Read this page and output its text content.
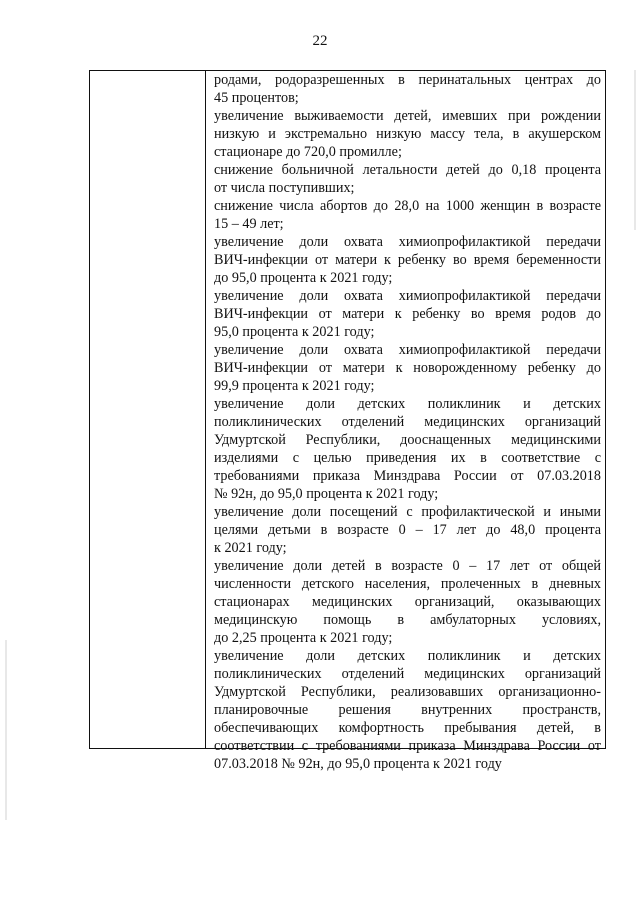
22
родами, родоразрешенных в перинатальных центрах до
45 процентов;
увеличение выживаемости детей, имевших при рождении
низкую и экстремально низкую массу тела, в акушерском
стационаре до 720,0 промилле;
снижение больничной летальности детей до 0,18 процента
от числа поступивших;
снижение числа абортов до 28,0 на 1000 женщин в возрасте
15 – 49 лет;
увеличение доли охвата химиопрофилактикой передачи
ВИЧ-инфекции от матери к ребенку во время беременности
до 95,0 процента к 2021 году;
увеличение доли охвата химиопрофилактикой передачи
ВИЧ-инфекции от матери к ребенку во время родов до
95,0 процента к 2021 году;
увеличение доли охвата химиопрофилактикой передачи
ВИЧ-инфекции от матери к новорожденному ребенку до
99,9 процента к 2021 году;
увеличение доли детских поликлиник и детских
поликлинических отделений медицинских организаций
Удмуртской Республики, дооснащенных медицинскими
изделиями с целью приведения их в соответствие с
требованиями приказа Минздрава России от 07.03.2018
№ 92н, до 95,0 процента к 2021 году;
увеличение доли посещений с профилактической и иными
целями детьми в возрасте 0 – 17 лет до 48,0 процента
к 2021 году;
увеличение доли детей в возрасте 0 – 17 лет от общей
численности детского населения, пролеченных в дневных
стационарах медицинских организаций, оказывающих
медицинскую помощь в амбулаторных условиях,
до 2,25 процента к 2021 году;
увеличение доли детских поликлиник и детских
поликлинических отделений медицинских организаций
Удмуртской Республики, реализовавших организационно-
планировочные решения внутренних пространств,
обеспечивающих комфортность пребывания детей, в
соответствии с требованиями приказа Минздрава России от
07.03.2018 № 92н, до 95,0 процента к 2021 году
